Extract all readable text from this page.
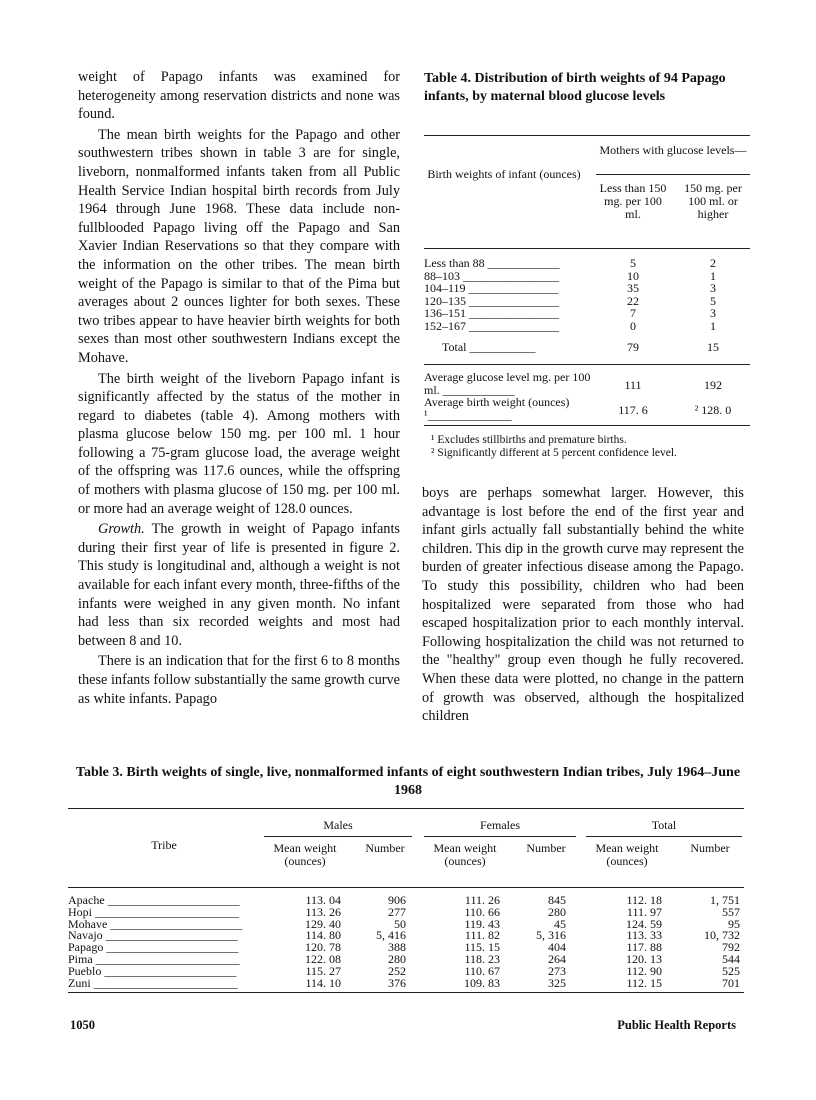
weight of Papago infants was examined for heterogeneity among reservation districts and none was found.

The mean birth weights for the Papago and other southwestern tribes shown in table 3 are for single, liveborn, nonmalformed infants taken from all Public Health Service Indian hospital birth records from July 1964 through June 1968. These data include non-fullblooded Papago living off the Papago and San Xavier Indian Reservations so that they compare with the information on the other tribes. The mean birth weight of the Papago is similar to that of the Pima but averages about 2 ounces lighter for both sexes. These two tribes appear to have heavier birth weights for both sexes than most other southwestern Indians except the Mohave.

The birth weight of the liveborn Papago infant is significantly affected by the status of the mother in regard to diabetes (table 4). Among mothers with plasma glucose below 150 mg. per 100 ml. 1 hour following a 75-gram glucose load, the average weight of the offspring was 117.6 ounces, while the offspring of mothers with plasma glucose of 150 mg. per 100 ml. or more had an average weight of 128.0 ounces.

Growth. The growth in weight of Papago infants during their first year of life is presented in figure 2. This study is longitudinal and, although a weight is not available for each infant every month, three-fifths of the infants were weighed in any given month. No infant had less than six recorded weights and most had between 8 and 10.

There is an indication that for the first 6 to 8 months these infants follow substantially the same growth curve as white infants. Papago

Table 4. Distribution of birth weights of 94 Papago infants, by maternal blood glucose levels
Birth weights of infant (ounces)
Mothers with glucose levels—
Less than 150 mg. per 100 ml.
150 mg. per 100 ml. or higher
Less than 88 ____________	5	2
88–103 ________________	10	1
104–119 _______________	35	3
120–135 _______________	22	5
136–151 _______________	7	3
152–167 _______________	0	1
Total ___________	79	15
Average glucose level mg. per 100 ml. ____________	111	192
Average birth weight (ounces) ¹______________	117. 6	² 128. 0
¹ Excludes stillbirths and premature births.
² Significantly different at 5 percent confidence level.

boys are perhaps somewhat larger. However, this advantage is lost before the end of the first year and infant girls actually fall substantially behind the white children. This dip in the growth curve may represent the burden of greater infectious disease among the Papago. To study this possibility, children who had been hospitalized were separated from those who had escaped hospitalization prior to each monthly interval. Following hospitalization the child was not returned to the "healthy" group even though he fully recovered. When these data were plotted, no change in the pattern of growth was observed, although the hospitalized children

Table 3. Birth weights of single, live, nonmalformed infants of eight southwestern Indian tribes, July 1964–June 1968
Tribe
Males
Mean weight (ounces)
Number
Females
Mean weight (ounces)
Number
Total
Mean weight (ounces)
Number
Apache ______________________	113. 04	906	111. 26	845	112. 18	1, 751
Hopi ________________________	113. 26	277	110. 66	280	111. 97	557
Mohave ______________________	129. 40	50	119. 43	45	124. 59	95
Navajo ______________________	114. 80	5, 416	111. 82	5, 316	113. 33	10, 732
Papago ______________________	120. 78	388	115. 15	404	117. 88	792
Pima ________________________	122. 08	280	118. 23	264	120. 13	544
Pueblo ______________________	115. 27	252	110. 67	273	112. 90	525
Zuni ________________________	114. 10	376	109. 83	325	112. 15	701
1050	Public Health Reports
